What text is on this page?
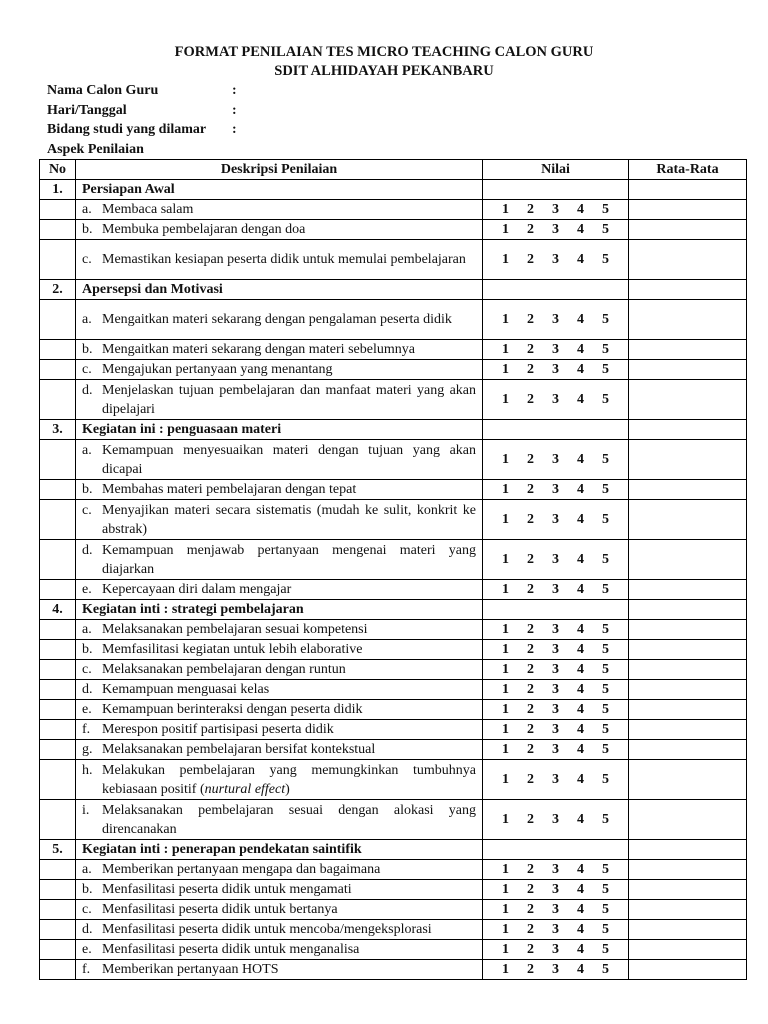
FORMAT PENILAIAN TES MICRO TEACHING CALON GURU
SDIT ALHIDAYAH PEKANBARU
Nama Calon Guru	:
Hari/Tanggal	:
Bidang studi yang dilamar :
Aspek Penilaian
No	Deskripsi Penilaian	Nilai	Rata-Rata
1.	Persiapan Awal		

	a. Membaca salam	1 2 3 4 5	

	b. Membuka pembelajaran dengan doa	1 2 3 4 5	

	c. Memastikan kesiapan peserta didik untuk memulai pembelajaran	1 2 3 4 5	

2.	Apersepsi dan Motivasi		

	a. Mengaitkan materi sekarang dengan pengalaman peserta didik	1 2 3 4 5	

	b. Mengaitkan materi sekarang dengan materi sebelumnya	1 2 3 4 5	

	c. Mengajukan pertanyaan yang menantang	1 2 3 4 5	

	d. Menjelaskan tujuan pembelajaran dan manfaat materi yang akan dipelajari	1 2 3 4 5	

3.	Kegiatan ini : penguasaan materi		

	a. Kemampuan menyesuaikan materi dengan tujuan yang akan dicapai	1 2 3 4 5	

	b. Membahas materi pembelajaran dengan tepat	1 2 3 4 5	

	c. Menyajikan materi secara sistematis (mudah ke sulit, konkrit ke abstrak)	1 2 3 4 5	

	d. Kemampuan menjawab pertanyaan mengenai materi yang diajarkan	1 2 3 4 5	

	e. Kepercayaan diri dalam mengajar	1 2 3 4 5	

4.	Kegiatan inti : strategi pembelajaran		

	a. Melaksanakan pembelajaran sesuai kompetensi	1 2 3 4 5	

	b. Memfasilitasi kegiatan untuk lebih elaborative	1 2 3 4 5	

	c. Melaksanakan pembelajaran dengan runtun	1 2 3 4 5	

	d. Kemampuan menguasai kelas	1 2 3 4 5	

	e. Kemampuan berinteraksi dengan peserta didik	1 2 3 4 5	

	f. Merespon positif partisipasi peserta didik	1 2 3 4 5	

	g. Melaksanakan pembelajaran bersifat kontekstual	1 2 3 4 5	

	h. Melakukan pembelajaran yang memungkinkan tumbuhnya kebiasaan positif (nurtural effect)	1 2 3 4 5	

	i. Melaksanakan pembelajaran sesuai dengan alokasi yang direncanakan	1 2 3 4 5	

5.	Kegiatan inti : penerapan pendekatan saintifik		

	a. Memberikan pertanyaan mengapa dan bagaimana	1 2 3 4 5	

	b. Menfasilitasi peserta didik untuk mengamati	1 2 3 4 5	

	c. Menfasilitasi peserta didik untuk bertanya	1 2 3 4 5	

	d. Menfasilitasi peserta didik untuk mencoba/mengeksplorasi	1 2 3 4 5	

	e. Menfasilitasi peserta didik untuk menganalisa	1 2 3 4 5	

	f. Memberikan pertanyaan HOTS	1 2 3 4 5	
